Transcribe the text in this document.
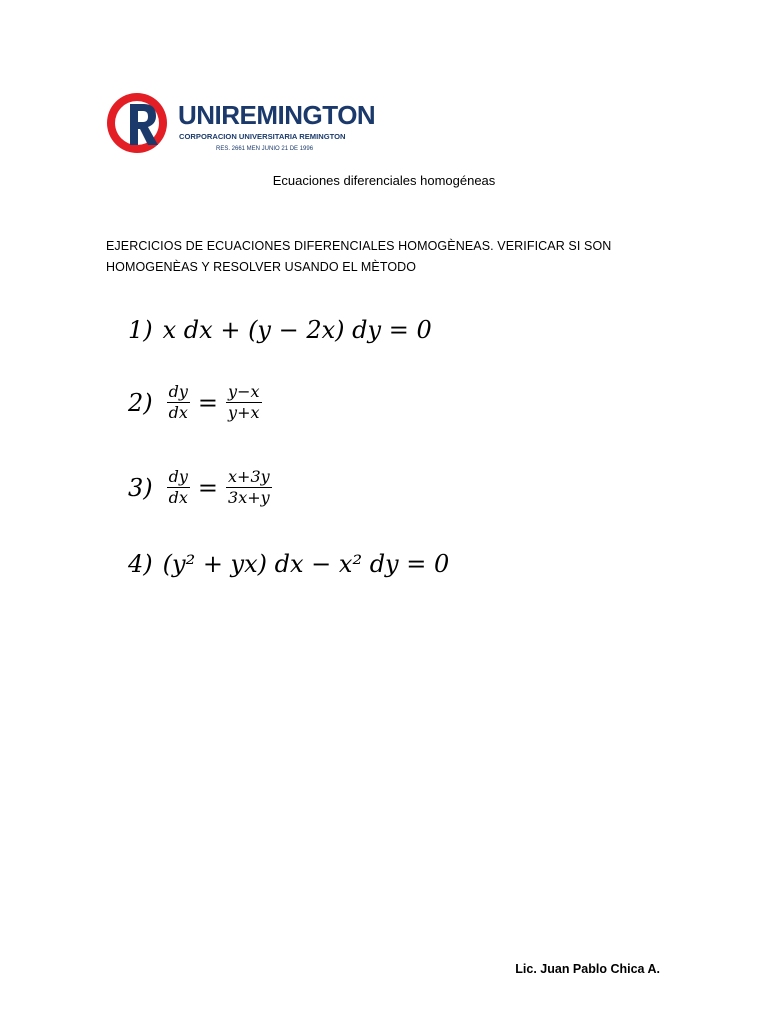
UNIREMINGTON
CORPORACION UNIVERSITARIA REMINGTON
RES. 2661 MEN JUNIO 21 DE 1996
Ecuaciones diferenciales homogéneas
EJERCICIOS DE ECUACIONES DIFERENCIALES HOMOGÈNEAS. VERIFICAR SI SON HOMOGENÈAS Y RESOLVER USANDO EL MÈTODO
1) x dx + (y − 2x) dy = 0
$2) \frac{dy}{dx} = \frac{y-x}{y+x}$
$3) \frac{dy}{dx} = \frac{x+3y}{3x+y}$
4) (y² + yx) dx − x² dy = 0
Lic. Juan Pablo Chica A.
